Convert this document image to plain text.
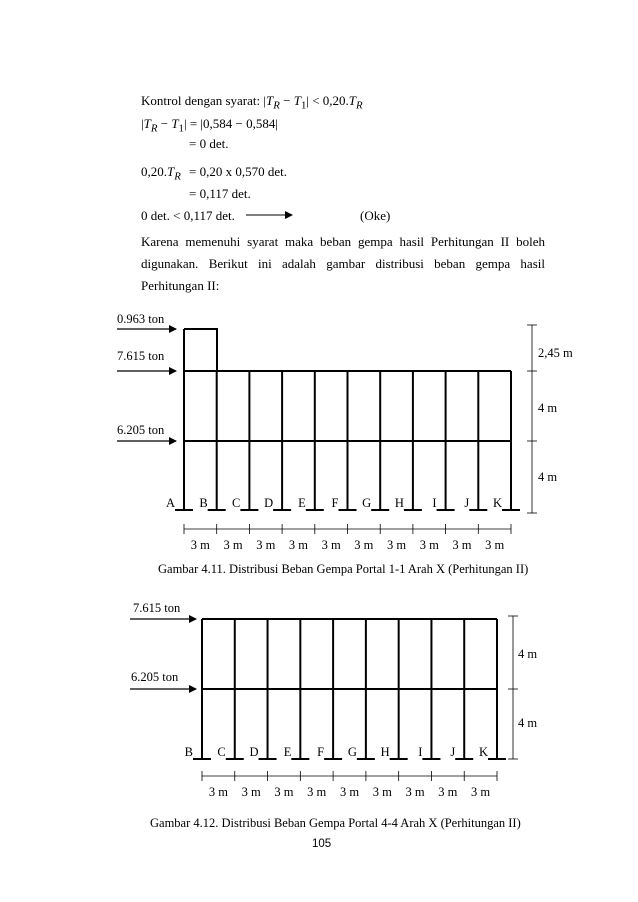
Kontrol dengan syarat: $|T_R - T_1| < 0,20.T_R$
$|T_R - T_1| = |0,584 - 0,584|$
= 0 det.
$0,20.T_R = 0,20$ x 0,570 det.
= 0,117 det.
0 det. < 0,117 det.	(Oke)
Karena memenuhi syarat maka beban gempa hasil Perhitungan II boleh
digunakan. Berikut ini adalah gambar distribusi beban gempa hasil
Perhitungan II:
A B C D E F G H I J K
0.963 ton
7.615 ton
6.205 ton
2,45 m
4 m
4 m
3 m 3 m 3 m 3 m 3 m 3 m 3 m 3 m 3 m 3 m
B C D E F G H I J K
7.615 ton
6.205 ton
4 m
4 m
3 m 3 m 3 m 3 m 3 m 3 m 3 m 3 m 3 m
Gambar 4.11. Distribusi Beban Gempa Portal 1-1 Arah X (Perhitungan II)
Gambar 4.12. Distribusi Beban Gempa Portal 4-4 Arah X (Perhitungan II)
105
